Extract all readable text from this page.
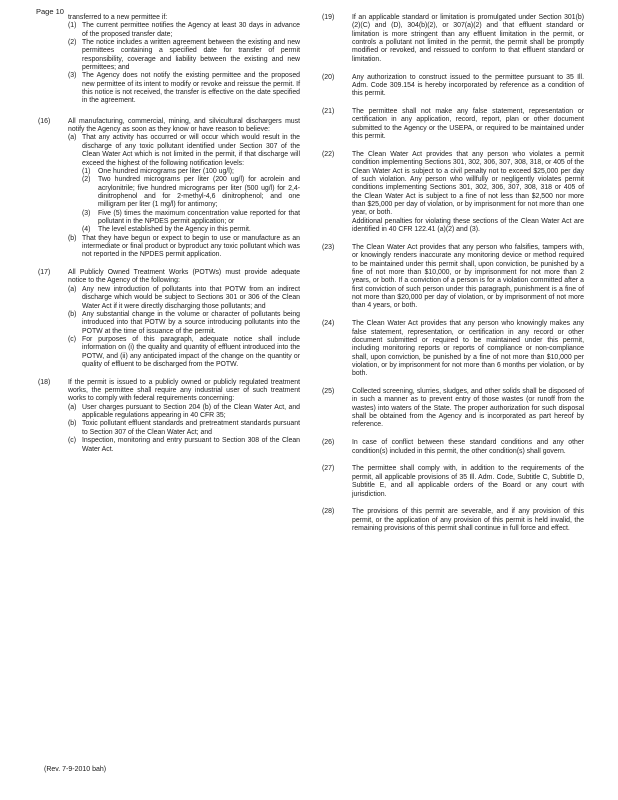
Page 10
transferred to a new permittee if:
(1) The current permittee notifies the Agency at least 30 days in advance of the proposed transfer date;
(2) The notice includes a written agreement between the existing and new permittees containing a specified date for transfer of permit responsibility, coverage and liability between the existing and new permittees; and
(3) The Agency does not notify the existing permittee and the proposed new permittee of its intent to modify or revoke and reissue the permit. If this notice is not received, the transfer is effective on the date specified in the agreement.
(16)	All manufacturing, commercial, mining, and silvicultural dischargers must notify the Agency as soon as they know or have reason to believe:
(a) That any activity has occurred or will occur which would result in the discharge of any toxic pollutant identified under Section 307 of the Clean Water Act which is not limited in the permit, if that discharge will exceed the highest of the following notification levels:
(1) One hundred micrograms per liter (100 ug/l);
(2) Two hundred micrograms per liter (200 ug/l) for acrolein and acrylonitrile; five hundred micrograms per liter (500 ug/l) for 2,4-dinitrophenol and for 2-methyl-4,6 dinitrophenol; and one milligram per liter (1 mg/l) for antimony;
(3) Five (5) times the maximum concentration value reported for that pollutant in the NPDES permit application; or
(4) The level established by the Agency in this permit.
(b) That they have begun or expect to begin to use or manufacture as an intermediate or final product or byproduct any toxic pollutant which was not reported in the NPDES permit application.
(17)	All Publicly Owned Treatment Works (POTWs) must provide adequate notice to the Agency of the following:
(a) Any new introduction of pollutants into that POTW from an indirect discharge which would be subject to Sections 301 or 306 of the Clean Water Act if it were directly discharging those pollutants; and
(b) Any substantial change in the volume or character of pollutants being introduced into that POTW by a source introducing pollutants into the POTW at the time of issuance of the permit.
(c) For purposes of this paragraph, adequate notice shall include information on (i) the quality and quantity of effluent introduced into the POTW, and (ii) any anticipated impact of the change on the quantity or quality of effluent to be discharged from the POTW.
(18)	If the permit is issued to a publicly owned or publicly regulated treatment works, the permittee shall require any industrial user of such treatment works to comply with federal requirements concerning:
(a) User charges pursuant to Section 204 (b) of the Clean Water Act, and applicable regulations appearing in 40 CFR 35;
(b) Toxic pollutant effluent standards and pretreatment standards pursuant to Section 307 of the Clean Water Act; and
(c) Inspection, monitoring and entry pursuant to Section 308 of the Clean Water Act.
(19)	If an applicable standard or limitation is promulgated under Section 301(b)(2)(C) and (D), 304(b)(2), or 307(a)(2) and that effluent standard or limitation is more stringent than any effluent limitation in the permit, or controls a pollutant not limited in the permit, the permit shall be promptly modified or revoked, and reissued to conform to that effluent standard or limitation.
(20)	Any authorization to construct issued to the permittee pursuant to 35 Ill. Adm. Code 309.154 is hereby incorporated by reference as a condition of this permit.
(21)	The permittee shall not make any false statement, representation or certification in any application, record, report, plan or other document submitted to the Agency or the USEPA, or required to be maintained under this permit.
(22)	The Clean Water Act provides that any person who violates a permit condition implementing Sections 301, 302, 306, 307, 308, 318, or 405 of the Clean Water Act is subject to a civil penalty not to exceed $25,000 per day of such violation. Any person who willfully or negligently violates permit conditions implementing Sections 301, 302, 306, 307, 308, 318 or 405 of the Clean Water Act is subject to a fine of not less than $2,500 nor more than $25,000 per day of violation, or by imprisonment for not more than one year, or both.
Additional penalties for violating these sections of the Clean Water Act are identified in 40 CFR 122.41 (a)(2) and (3).
(23)	The Clean Water Act provides that any person who falsifies, tampers with, or knowingly renders inaccurate any monitoring device or method required to be maintained under this permit shall, upon conviction, be punished by a fine of not more than $10,000, or by imprisonment for not more than 2 years, or both. If a conviction of a person is for a violation committed after a first conviction of such person under this paragraph, punishment is a fine of not more than $20,000 per day of violation, or by imprisonment of not more than 4 years, or both.
(24)	The Clean Water Act provides that any person who knowingly makes any false statement, representation, or certification in any record or other document submitted or required to be maintained under this permit, including monitoring reports or reports of compliance or non-compliance shall, upon conviction, be punished by a fine of not more than $10,000 per violation, or by imprisonment for not more than 6 months per violation, or by both.
(25)	Collected screening, slurries, sludges, and other solids shall be disposed of in such a manner as to prevent entry of those wastes (or runoff from the wastes) into waters of the State. The proper authorization for such disposal shall be obtained from the Agency and is incorporated as part hereof by reference.
(26)	In case of conflict between these standard conditions and any other condition(s) included in this permit, the other condition(s) shall govern.
(27)	The permittee shall comply with, in addition to the requirements of the permit, all applicable provisions of 35 Ill. Adm. Code, Subtitle C, Subtitle D, Subtitle E, and all applicable orders of the Board or any court with jurisdiction.
(28)	The provisions of this permit are severable, and if any provision of this permit, or the application of any provision of this permit is held invalid, the remaining provisions of this permit shall continue in full force and effect.
(Rev. 7-9-2010 bah)
